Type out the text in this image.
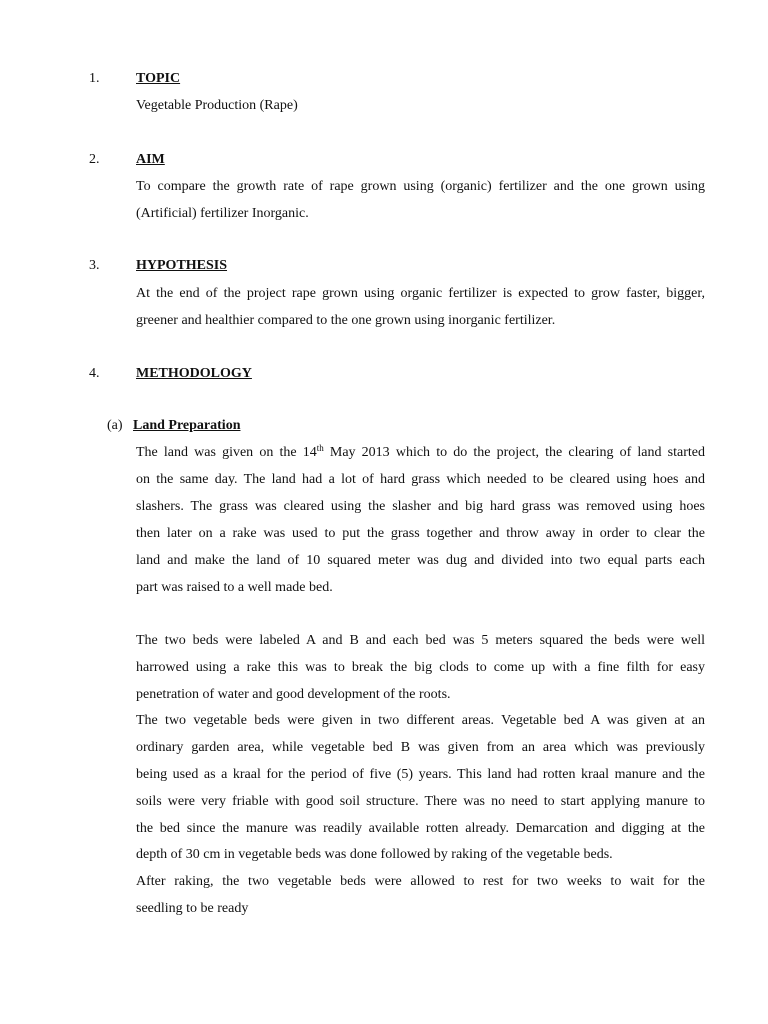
1.	TOPIC
Vegetable Production (Rape)
2.	AIM
To compare the growth rate of rape grown using (organic) fertilizer and the one grown using
(Artificial) fertilizer Inorganic.
3.	HYPOTHESIS
At the end of the project rape grown using organic fertilizer is expected to grow faster, bigger,
greener and healthier compared to the one grown using inorganic fertilizer.
4.	METHODOLOGY
(a) Land Preparation
The land was given on the 14th May 2013 which to do the project, the clearing of land started
on the same day. The land had a lot of hard grass which needed to be cleared using hoes and
slashers. The grass was cleared using the slasher and big hard grass was removed using hoes
then later on a rake was used to put the grass together and throw away in order to clear the
land and make the land of 10 squared meter was dug and divided into two equal parts each
part was raised to a well made bed.
The two beds were labeled A and B and each bed was 5 meters squared the beds were well
harrowed using a rake this was to break the big clods to come up with a fine filth for easy
penetration of water and good development of the roots.
The two vegetable beds were given in two different areas. Vegetable bed A was given at an
ordinary garden area, while vegetable bed B was given from an area which was previously
being used as a kraal for the period of five (5) years. This land had rotten kraal manure and the
soils were very friable with good soil structure. There was no need to start applying manure to
the bed since the manure was readily available rotten already. Demarcation and digging at the
depth of 30 cm in vegetable beds was done followed by raking of the vegetable beds.
After raking, the two vegetable beds were allowed to rest for two weeks to wait for the
seedling to be ready
